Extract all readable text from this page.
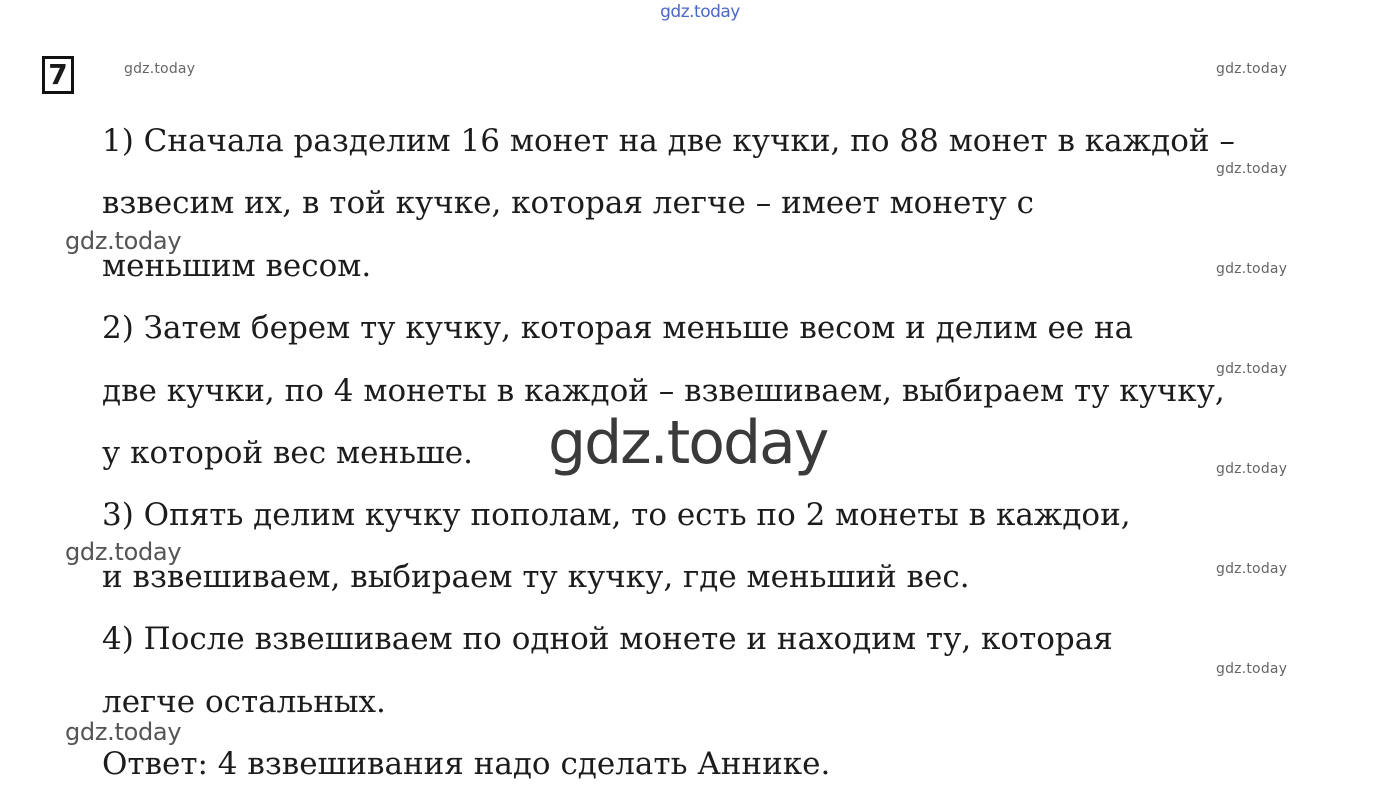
gdz.today
7	gdz.today	gdz.today
gdz.today
gdz.today
gdz.today
gdz.today
gdz.today
gdz.today
gdz.today
gdz.today
gdz.today
1) Сначала разделим 16 монет на две кучки, по 88 монет в каждой –
взвесим их, в той кучке, которая легче – имеет монету с
меньшим весом.
2) Затем берем ту кучку, которая меньше весом и делим ее на
две кучки, по 4 монеты в каждой – взвешиваем, выбираем ту кучку,
у которой вес меньше.
3) Опять делим кучку пополам, то есть по 2 монеты в каждои,
и взвешиваем, выбираем ту кучку, где меньший вес.
4) После взвешиваем по одной монете и находим ту, которая
легче остальных.
Ответ: 4 взвешивания надо сделать Аннике.
gdz.today
